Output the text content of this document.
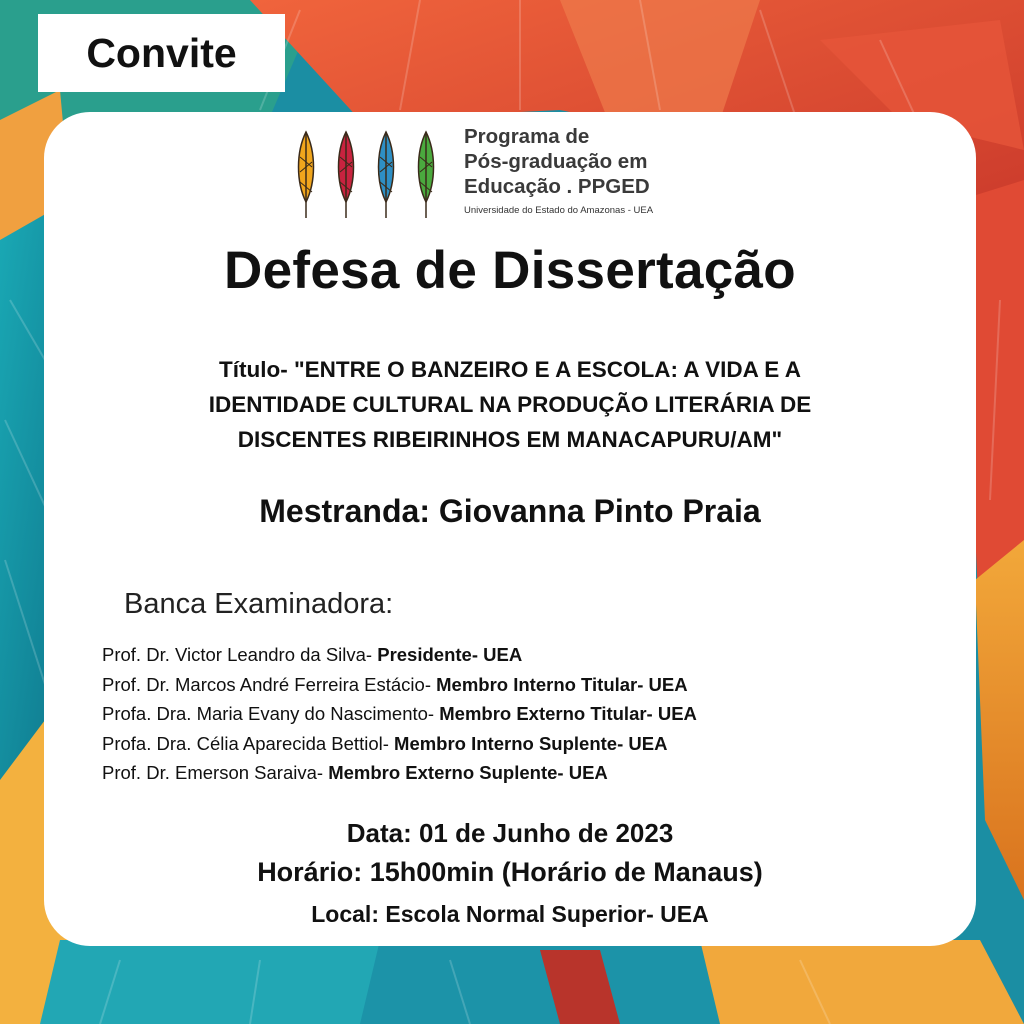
Convite
Programa de
Pós-graduação em
Educação . PPGED
Universidade do Estado do Amazonas - UEA
Defesa de Dissertação
Título- "ENTRE O BANZEIRO E A ESCOLA: A VIDA E A
IDENTIDADE CULTURAL NA PRODUÇÃO LITERÁRIA DE
DISCENTES RIBEIRINHOS EM MANACAPURU/AM"
Mestranda: Giovanna Pinto Praia
Banca Examinadora:
Prof. Dr. Victor Leandro da Silva- Presidente- UEA
Prof. Dr. Marcos André Ferreira Estácio- Membro Interno Titular- UEA
Profa. Dra. Maria Evany do Nascimento- Membro Externo Titular- UEA
Profa. Dra. Célia Aparecida Bettiol- Membro Interno Suplente- UEA
Prof. Dr. Emerson Saraiva- Membro Externo Suplente- UEA
Data: 01 de Junho de 2023
Horário: 15h00min (Horário de Manaus)
Local: Escola Normal Superior- UEA
